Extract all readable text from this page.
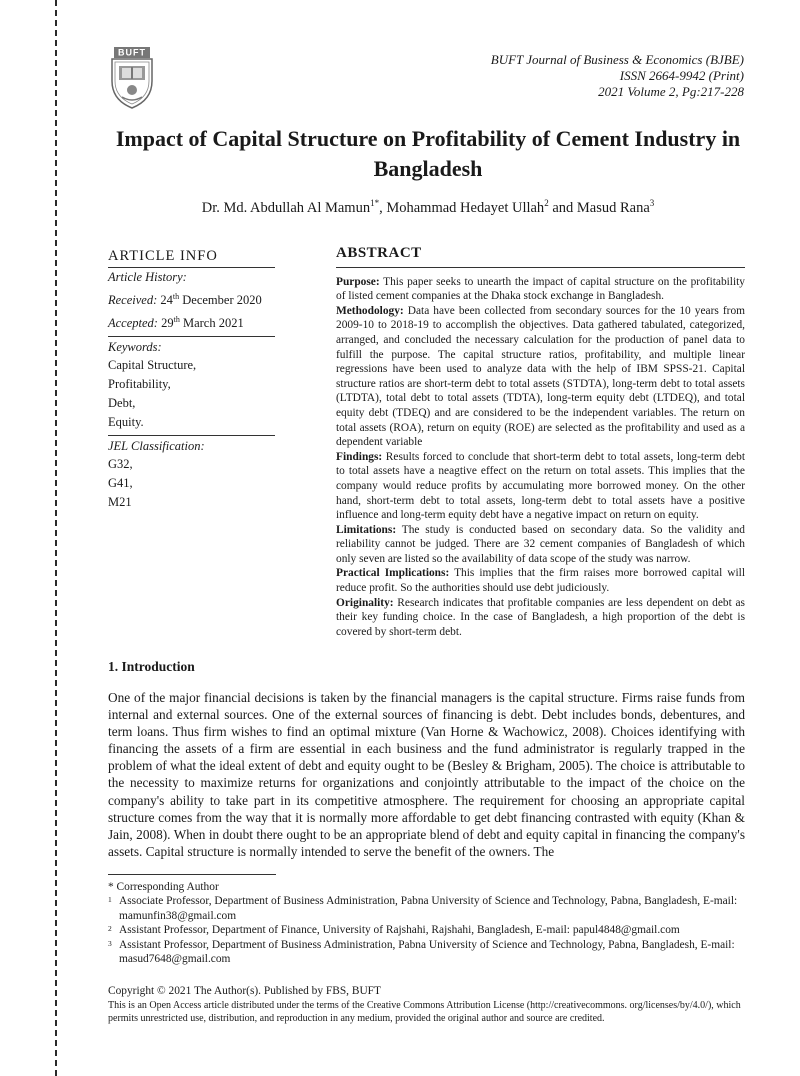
BUFT	BUFT Journal of Business & Economics (BJBE)
ISSN 2664-9942 (Print)
2021 Volume 2, Pg:217-228
Impact of Capital Structure on Profitability of Cement Industry in Bangladesh
Dr. Md. Abdullah Al Mamun$^{1*}$, Mohammad Hedayet Ullah$^2$ and Masud Rana$^3$
ARTICLE INFO
Article History:
Received: 24th December 2020
Accepted: 29th March 2021
Keywords:
Capital Structure,
Profitability,
Debt,
Equity.
JEL Classification:
G32,
G41,
M21
ABSTRACT

Purpose: This paper seeks to unearth the impact of capital structure on the profitability of listed cement companies at the Dhaka stock exchange in Bangladesh.

Methodology: Data have been collected from secondary sources for the 10 years from 2009-10 to 2018-19 to accomplish the objectives. Data gathered tabulated, categorized, arranged, and concluded the necessary calculation for the production of panel data to fulfill the purpose. The capital structure ratios, profitability, and multiple linear regressions have been used to analyze data with the help of IBM SPSS-21. Capital structure ratios are short-term debt to total assets (STDTA), long-term debt to total assets (LTDTA), total debt to total assets (TDTA), long-term equity debt (LTDEQ), and total equity debt (TDEQ) and are considered to be the independent variables. The return on total assets (ROA), return on equity (ROE) are selected as the profitability and used as a dependent variable

Findings: Results forced to conclude that short-term debt to total assets, long-term debt to total assets have a neagtive effect on the return on total assets. This implies that the company would reduce profits by accumulating more borrowed money. On the other hand, short-term debt to total assets, long-term debt to total assets have a positive influence and long-term equity debt have a negative impact on return on equity.

Limitations: The study is conducted based on secondary data. So the validity and reliability cannot be judged. There are 32 cement companies of Bangladesh of which only seven are listed so the availability of data scope of the study was narrow.

Practical Implications: This implies that the firm raises more borrowed capital will reduce profit. So the authorities should use debt judiciously.

Originality: Research indicates that profitable companies are less dependent on debt as their key funding choice. In the case of Bangladesh, a high proportion of the debt is covered by short-term debt.

1. Introduction

One of the major financial decisions is taken by the financial managers is the capital structure. Firms raise funds from internal and external sources. One of the external sources of financing is debt. Debt includes bonds, debentures, and term loans. Thus firm wishes to find an optimal mixture (Van Horne & Wachowicz, 2008). Choices identifying with financing the assets of a firm are essential in each business and the fund administrator is regularly trapped in the problem of what the ideal extent of debt and equity ought to be (Besley & Brigham, 2005). The choice is attributable to the necessity to maximize returns for organizations and conjointly attributable to the impact of the choice on the company's ability to take part in its competitive atmosphere. The requirement for choosing an appropriate capital structure comes from the way that it is normally more affordable to get debt financing contrasted with equity (Khan & Jain, 2008). When in doubt there ought to be an appropriate blend of debt and equity capital in financing the company's assets. Capital structure is normally intended to serve the benefit of the owners. The

* Corresponding Author
1 Associate Professor, Department of Business Administration, Pabna University of Science and Technology, Pabna, Bangladesh, E-mail: mamunfin38@gmail.com
2 Assistant Professor, Department of Finance, University of Rajshahi, Rajshahi, Bangladesh, E-mail: papul4848@gmail.com
3 Assistant Professor, Department of Business Administration, Pabna University of Science and Technology, Pabna, Bangladesh, E-mail: masud7648@gmail.com
Copyright © 2021 The Author(s). Published by FBS, BUFT
This is an Open Access article distributed under the terms of the Creative Commons Attribution License (http://creativecommons. org/licenses/by/4.0/), which permits unrestricted use, distribution, and reproduction in any medium, provided the original author and source are credited.
